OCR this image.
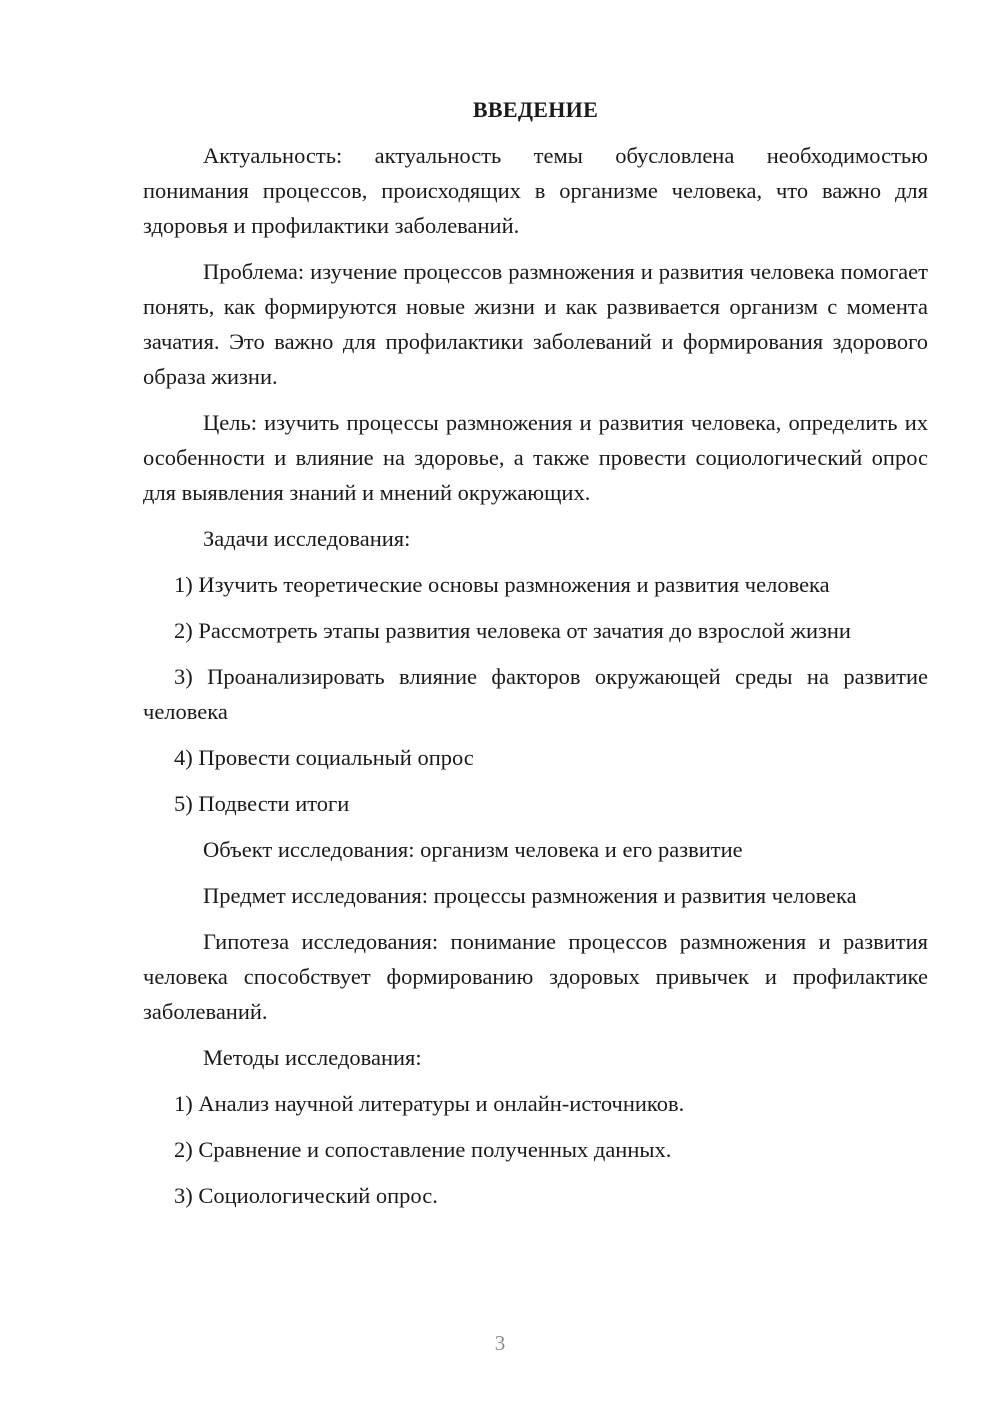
ВВЕДЕНИЕ

Актуальность: актуальность темы обусловлена необходимостью понимания процессов, происходящих в организме человека, что важно для здоровья и профилактики заболеваний.

Проблема: изучение процессов размножения и развития человека помогает понять, как формируются новые жизни и как развивается организм с момента зачатия. Это важно для профилактики заболеваний и формирования здорового образа жизни.

Цель: изучить процессы размножения и развития человека, определить их особенности и влияние на здоровье, а также провести социологический опрос для выявления знаний и мнений окружающих.

Задачи исследования:

1) Изучить теоретические основы размножения и развития человека

2) Рассмотреть этапы развития человека от зачатия до взрослой жизни

3) Проанализировать влияние факторов окружающей среды на развитие человека

4) Провести социальный опрос

5) Подвести итоги

Объект исследования: организм человека и его развитие

Предмет исследования: процессы размножения и развития человека

Гипотеза исследования: понимание процессов размножения и развития человека способствует формированию здоровых привычек и профилактике заболеваний.

Методы исследования:

1) Анализ научной литературы и онлайн-источников.

2) Сравнение и сопоставление полученных данных.

3) Социологический опрос.

3
